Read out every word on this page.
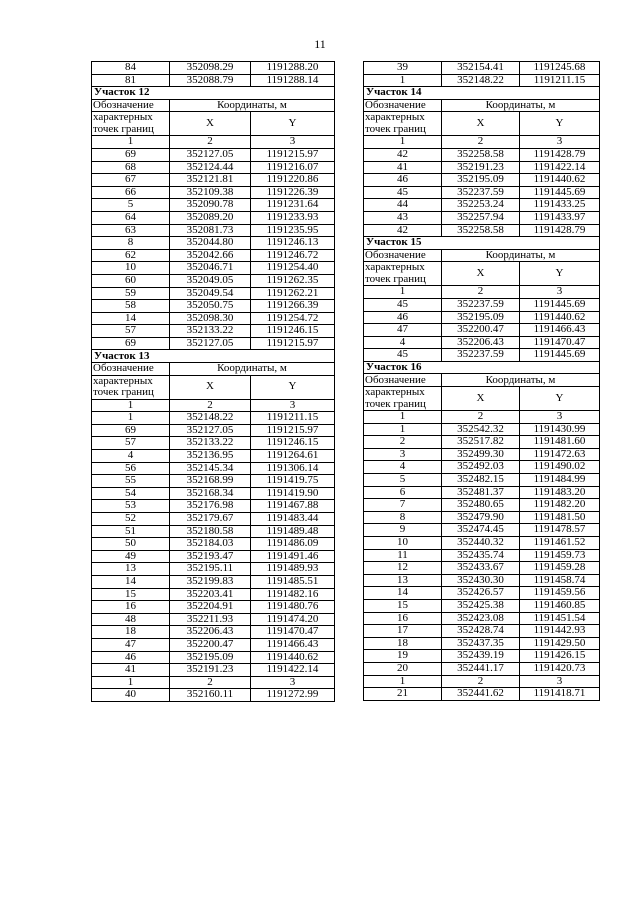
11
84	352098.29	1191288.20
81	352088.79	1191288.14
Участок 12		
Обозначение	Координаты, м	
характерных точек границ	X	Y

1	2	3
69	352127.05	1191215.97
68	352124.44	1191216.07
67	352121.81	1191220.86
66	352109.38	1191226.39
5	352090.78	1191231.64
64	352089.20	1191233.93
63	352081.73	1191235.95
8	352044.80	1191246.13
62	352042.66	1191246.72
10	352046.71	1191254.40
60	352049.05	1191262.35
59	352049.54	1191262.21
58	352050.75	1191266.39
14	352098.30	1191254.72
57	352133.22	1191246.15
69	352127.05	1191215.97
Участок 13		
Обозначение	Координаты, м	
характерных точек границ	X	Y

1	2	3
1	352148.22	1191211.15
69	352127.05	1191215.97
57	352133.22	1191246.15
4	352136.95	1191264.61
56	352145.34	1191306.14
55	352168.99	1191419.75
54	352168.34	1191419.90
53	352176.98	1191467.88
52	352179.67	1191483.44
51	352180.58	1191489.48
50	352184.03	1191486.09
49	352193.47	1191491.46
13	352195.11	1191489.93
14	352199.83	1191485.51
15	352203.41	1191482.16
16	352204.91	1191480.76
48	352211.93	1191474.20
18	352206.43	1191470.47
47	352200.47	1191466.43
46	352195.09	1191440.62
41	352191.23	1191422.14
1	2	3
40	352160.11	1191272.99
39	352154.41	1191245.68
1	352148.22	1191211.15
Участок 14		
Обозначение	Координаты, м	
характерных точек границ	X	Y

1	2	3
42	352258.58	1191428.79
41	352191.23	1191422.14
46	352195.09	1191440.62
45	352237.59	1191445.69
44	352253.24	1191433.25
43	352257.94	1191433.97
42	352258.58	1191428.79
Участок 15		
Обозначение	Координаты, м	
характерных точек границ	X	Y

1	2	3
45	352237.59	1191445.69
46	352195.09	1191440.62
47	352200.47	1191466.43
4	352206.43	1191470.47
45	352237.59	1191445.69
Участок 16		
Обозначение	Координаты, м	
характерных точек границ	X	Y

1	2	3
1	352542.32	1191430.99
2	352517.82	1191481.60
3	352499.30	1191472.63
4	352492.03	1191490.02
5	352482.15	1191484.99
6	352481.37	1191483.20
7	352480.65	1191482.20
8	352479.90	1191481.50
9	352474.45	1191478.57
10	352440.32	1191461.52
11	352435.74	1191459.73
12	352433.67	1191459.28
13	352430.30	1191458.74
14	352426.57	1191459.56
15	352425.38	1191460.85
16	352423.08	1191451.54
17	352428.74	1191442.93
18	352437.35	1191429.50
19	352439.19	1191426.15
20	352441.17	1191420.73
1	2	3
21	352441.62	1191418.71
